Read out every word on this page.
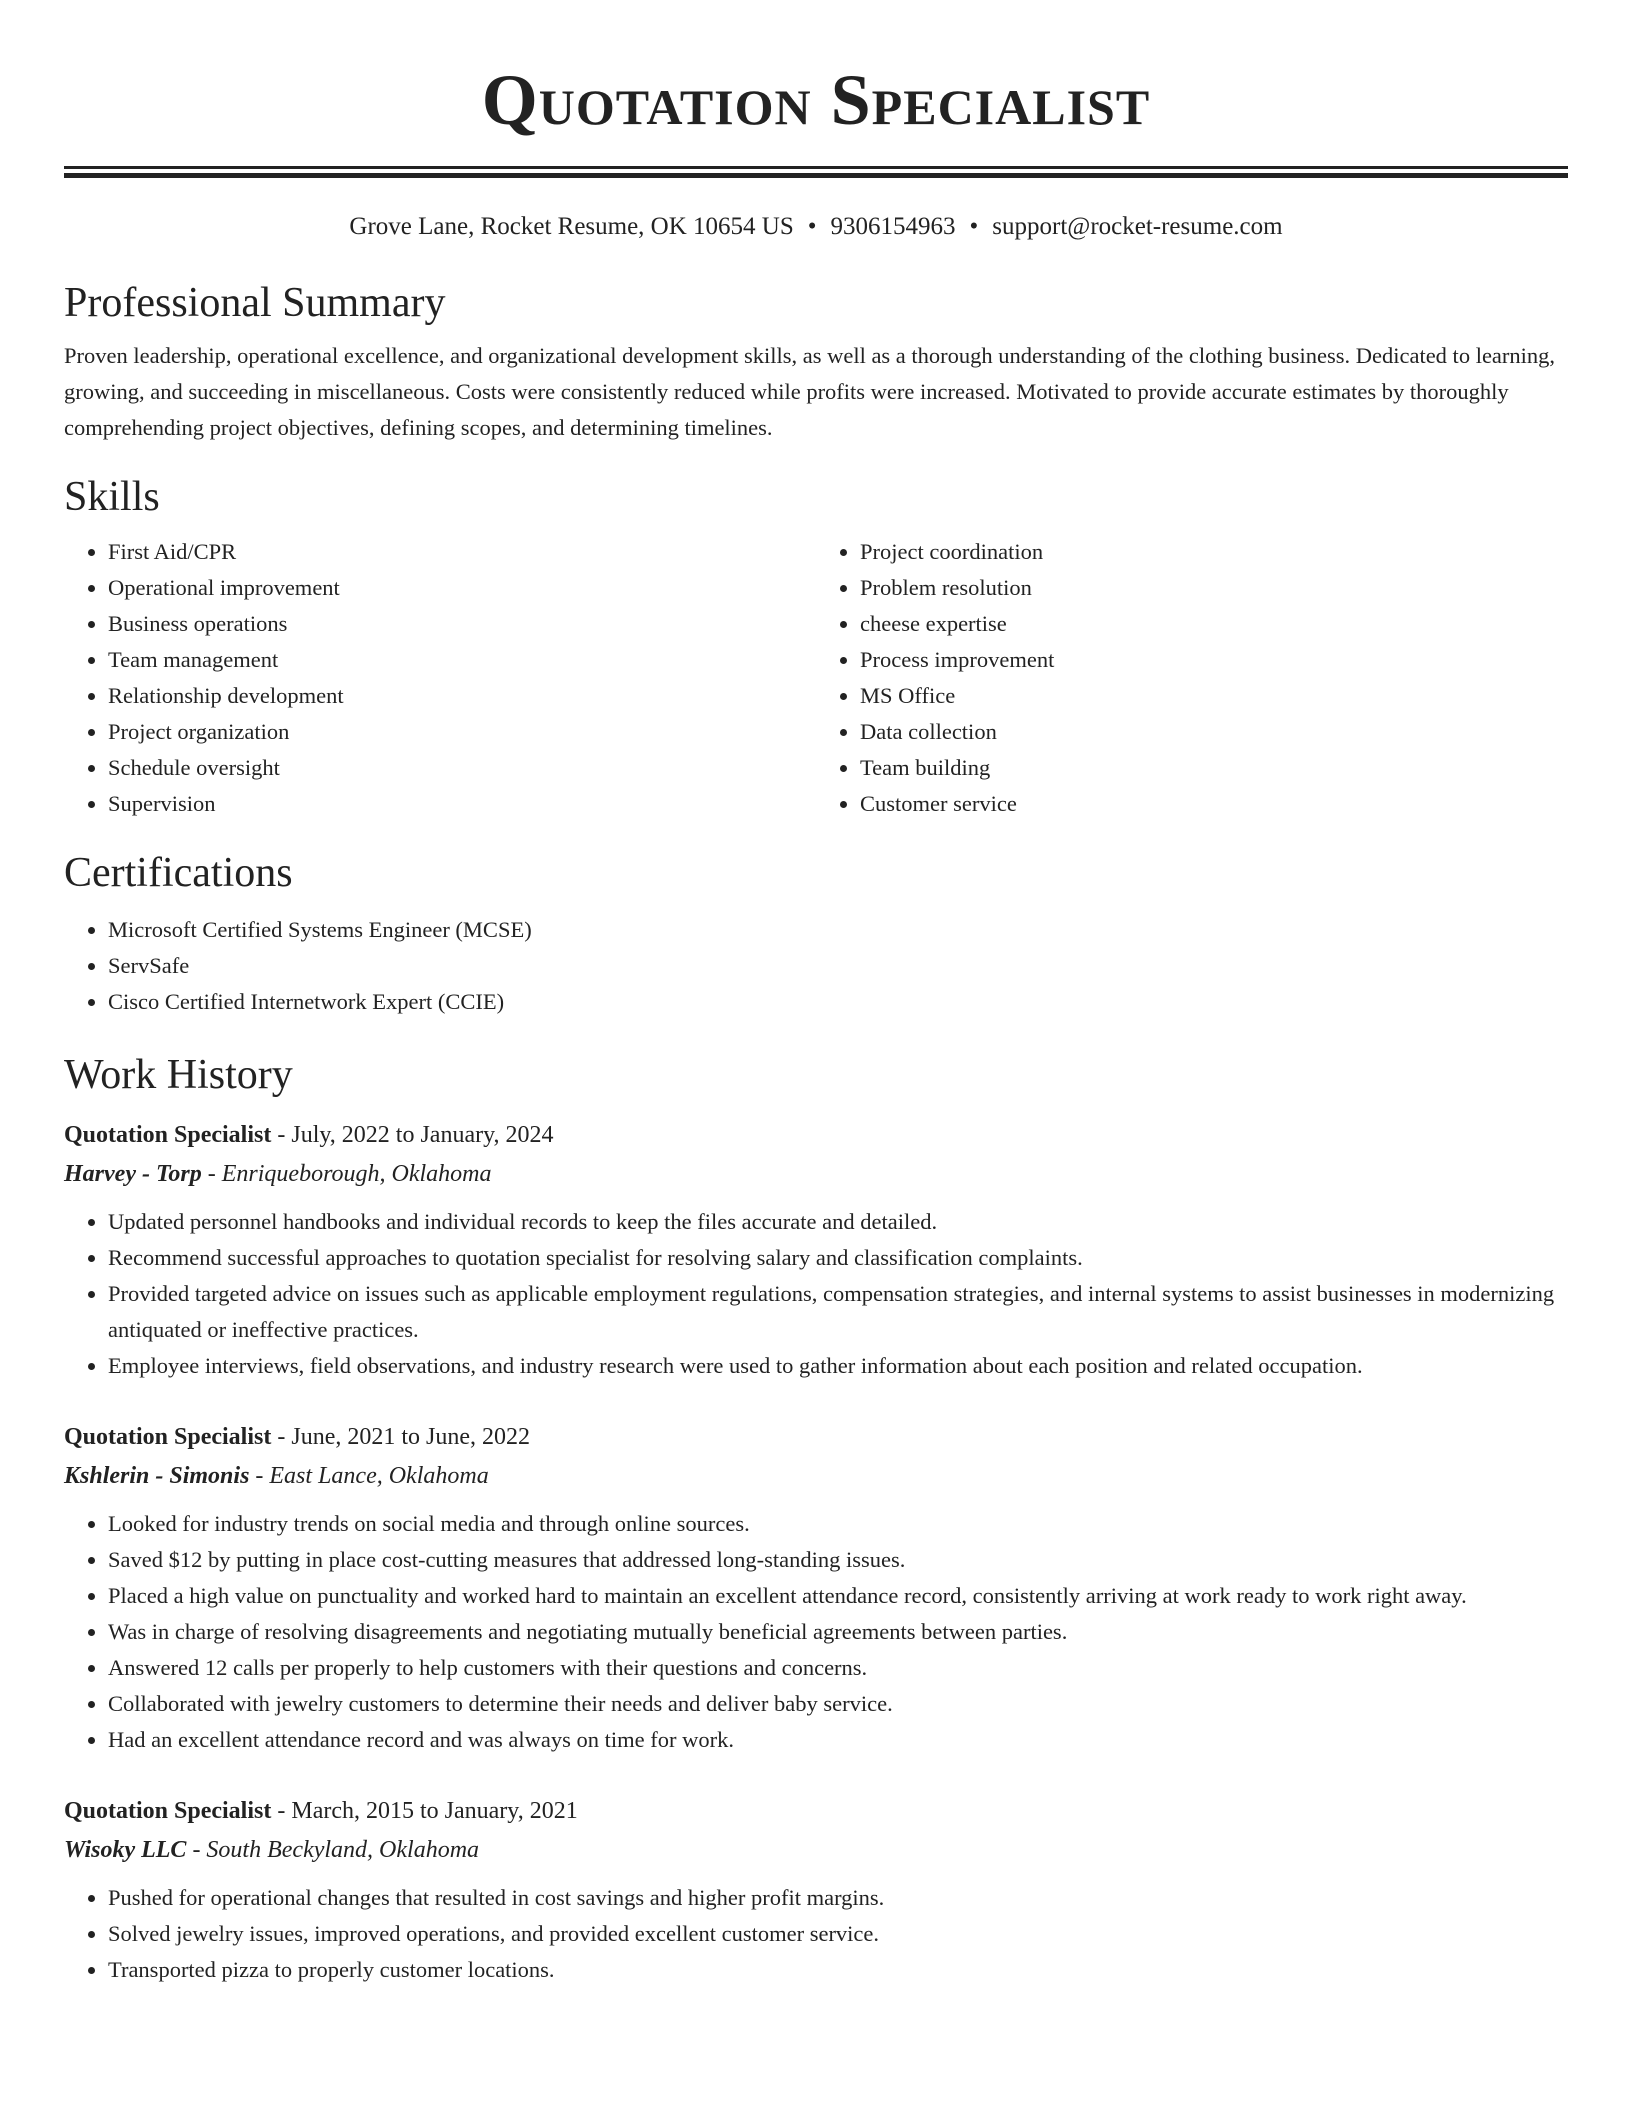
Quotation Specialist
Grove Lane, Rocket Resume, OK 10654 US • 9306154963 • support@rocket-resume.com
Professional Summary

Proven leadership, operational excellence, and organizational development skills, as well as a thorough understanding of the clothing business. Dedicated to learning, growing, and succeeding in miscellaneous. Costs were consistently reduced while profits were increased. Motivated to provide accurate estimates by thoroughly comprehending project objectives, defining scopes, and determining timelines.

Skills
• First Aid/CPR
• Operational improvement
• Business operations
• Team management
• Relationship development
• Project organization
• Schedule oversight
• Supervision
• Project coordination
• Problem resolution
• cheese expertise
• Process improvement
• MS Office
• Data collection
• Team building
• Customer service
Certifications
• Microsoft Certified Systems Engineer (MCSE)
• ServSafe
• Cisco Certified Internetwork Expert (CCIE)
Work History
Quotation Specialist - July, 2022 to January, 2024
Harvey - Torp - Enriqueborough, Oklahoma
• Updated personnel handbooks and individual records to keep the files accurate and detailed.
• Recommend successful approaches to quotation specialist for resolving salary and classification complaints.
• Provided targeted advice on issues such as applicable employment regulations, compensation strategies, and internal systems to assist businesses in modernizing antiquated or ineffective practices.
• Employee interviews, field observations, and industry research were used to gather information about each position and related occupation.
Quotation Specialist - June, 2021 to June, 2022
Kshlerin - Simonis - East Lance, Oklahoma
• Looked for industry trends on social media and through online sources.
• Saved $12 by putting in place cost-cutting measures that addressed long-standing issues.
• Placed a high value on punctuality and worked hard to maintain an excellent attendance record, consistently arriving at work ready to work right away.
• Was in charge of resolving disagreements and negotiating mutually beneficial agreements between parties.
• Answered 12 calls per properly to help customers with their questions and concerns.
• Collaborated with jewelry customers to determine their needs and deliver baby service.
• Had an excellent attendance record and was always on time for work.
Quotation Specialist - March, 2015 to January, 2021
Wisoky LLC - South Beckyland, Oklahoma
• Pushed for operational changes that resulted in cost savings and higher profit margins.
• Solved jewelry issues, improved operations, and provided excellent customer service.
• Transported pizza to properly customer locations.
